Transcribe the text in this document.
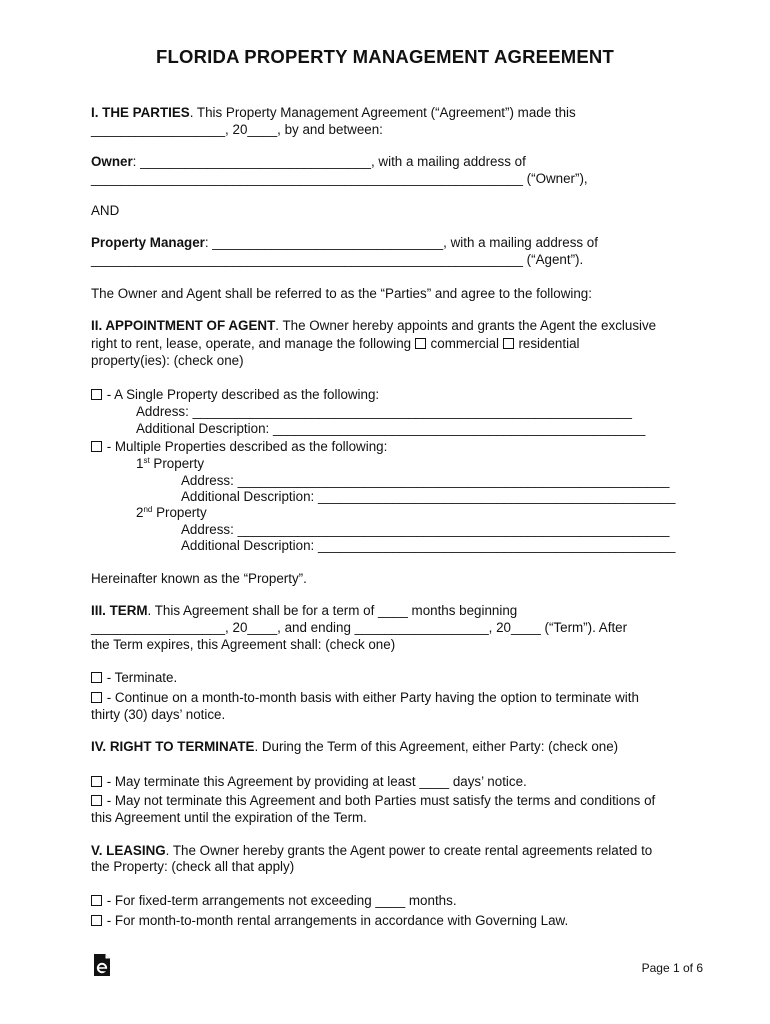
FLORIDA PROPERTY MANAGEMENT AGREEMENT
I. THE PARTIES. This Property Management Agreement (“Agreement”) made this
__________________, 20____, by and between:
Owner: _______________________________, with a mailing address of
__________________________________________________________ (“Owner”),
AND
Property Manager: _______________________________, with a mailing address of
__________________________________________________________ (“Agent”).
The Owner and Agent shall be referred to as the “Parties” and agree to the following:
II. APPOINTMENT OF AGENT. The Owner hereby appoints and grants the Agent the exclusive
right to rent, lease, operate, and manage the following  commercial  residential
property(ies): (check one)
- A Single Property described as the following:
Address: ___________________________________________________________
Additional Description: __________________________________________________
- Multiple Properties described as the following:
1st Property
Address: __________________________________________________________
Additional Description: ________________________________________________
2nd Property
Address: __________________________________________________________
Additional Description: ________________________________________________
Hereinafter known as the “Property”.
III. TERM. This Agreement shall be for a term of ____ months beginning
__________________, 20____, and ending __________________, 20____ (“Term”). After
the Term expires, this Agreement shall: (check one)
- Terminate.
- Continue on a month-to-month basis with either Party having the option to terminate with
thirty (30) days’ notice.
IV. RIGHT TO TERMINATE. During the Term of this Agreement, either Party: (check one)
- May terminate this Agreement by providing at least ____ days’ notice.
- May not terminate this Agreement and both Parties must satisfy the terms and conditions of
this Agreement until the expiration of the Term.
V. LEASING. The Owner hereby grants the Agent power to create rental agreements related to
the Property: (check all that apply)
- For fixed-term arrangements not exceeding ____ months.
- For month-to-month rental arrangements in accordance with Governing Law.
Page 1 of 6
